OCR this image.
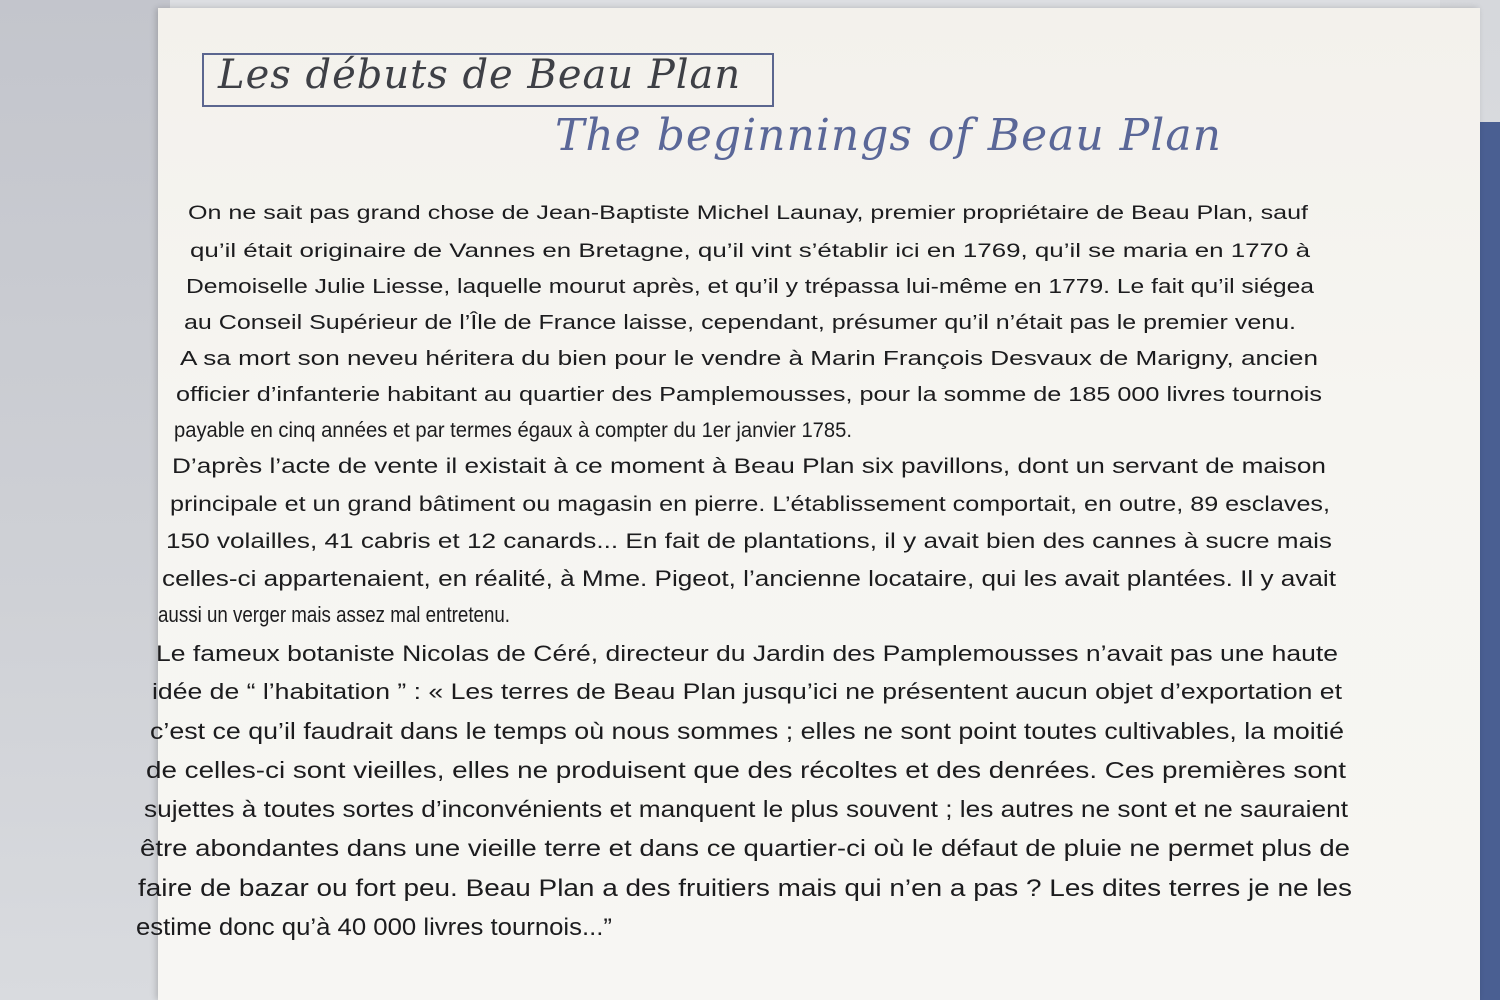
Les débuts de Beau Plan
The beginnings of Beau Plan
On ne sait pas grand chose de Jean-Baptiste Michel Launay, premier propriétaire de Beau Plan, sauf
qu’il était originaire de Vannes en Bretagne, qu’il vint s’établir ici en 1769, qu’il se maria en 1770 à
Demoiselle Julie Liesse, laquelle mourut après, et qu’il y trépassa lui-même en 1779. Le fait qu’il siégea
au Conseil Supérieur de l’Île de France laisse, cependant, présumer qu’il n’était pas le premier venu.
A sa mort son neveu héritera du bien pour le vendre à Marin François Desvaux de Marigny, ancien
officier d’infanterie habitant au quartier des Pamplemousses, pour la somme de 185 000 livres tournois
payable en cinq années et par termes égaux à compter du 1er janvier 1785.
D’après l’acte de vente il existait à ce moment à Beau Plan six pavillons, dont un servant de maison
principale et un grand bâtiment ou magasin en pierre. L’établissement comportait, en outre, 89 esclaves,
150 volailles, 41 cabris et 12 canards... En fait de plantations, il y avait bien des cannes à sucre mais
celles-ci appartenaient, en réalité, à Mme. Pigeot, l’ancienne locataire, qui les avait plantées. Il y avait
aussi un verger mais assez mal entretenu.
Le fameux botaniste Nicolas de Céré, directeur du Jardin des Pamplemousses n’avait pas une haute
idée de “ l’habitation ” : « Les terres de Beau Plan jusqu’ici ne présentent aucun objet d’exportation et
c’est ce qu’il faudrait dans le temps où nous sommes ; elles ne sont point toutes cultivables, la moitié
de celles-ci sont vieilles, elles ne produisent que des récoltes et des denrées. Ces premières sont
sujettes à toutes sortes d’inconvénients et manquent le plus souvent ; les autres ne sont et ne sauraient
être abondantes dans une vieille terre et dans ce quartier-ci où le défaut de pluie ne permet plus de
faire de bazar ou fort peu. Beau Plan a des fruitiers mais qui n’en a pas ? Les dites terres je ne les
estime donc qu’à 40 000 livres tournois...”
